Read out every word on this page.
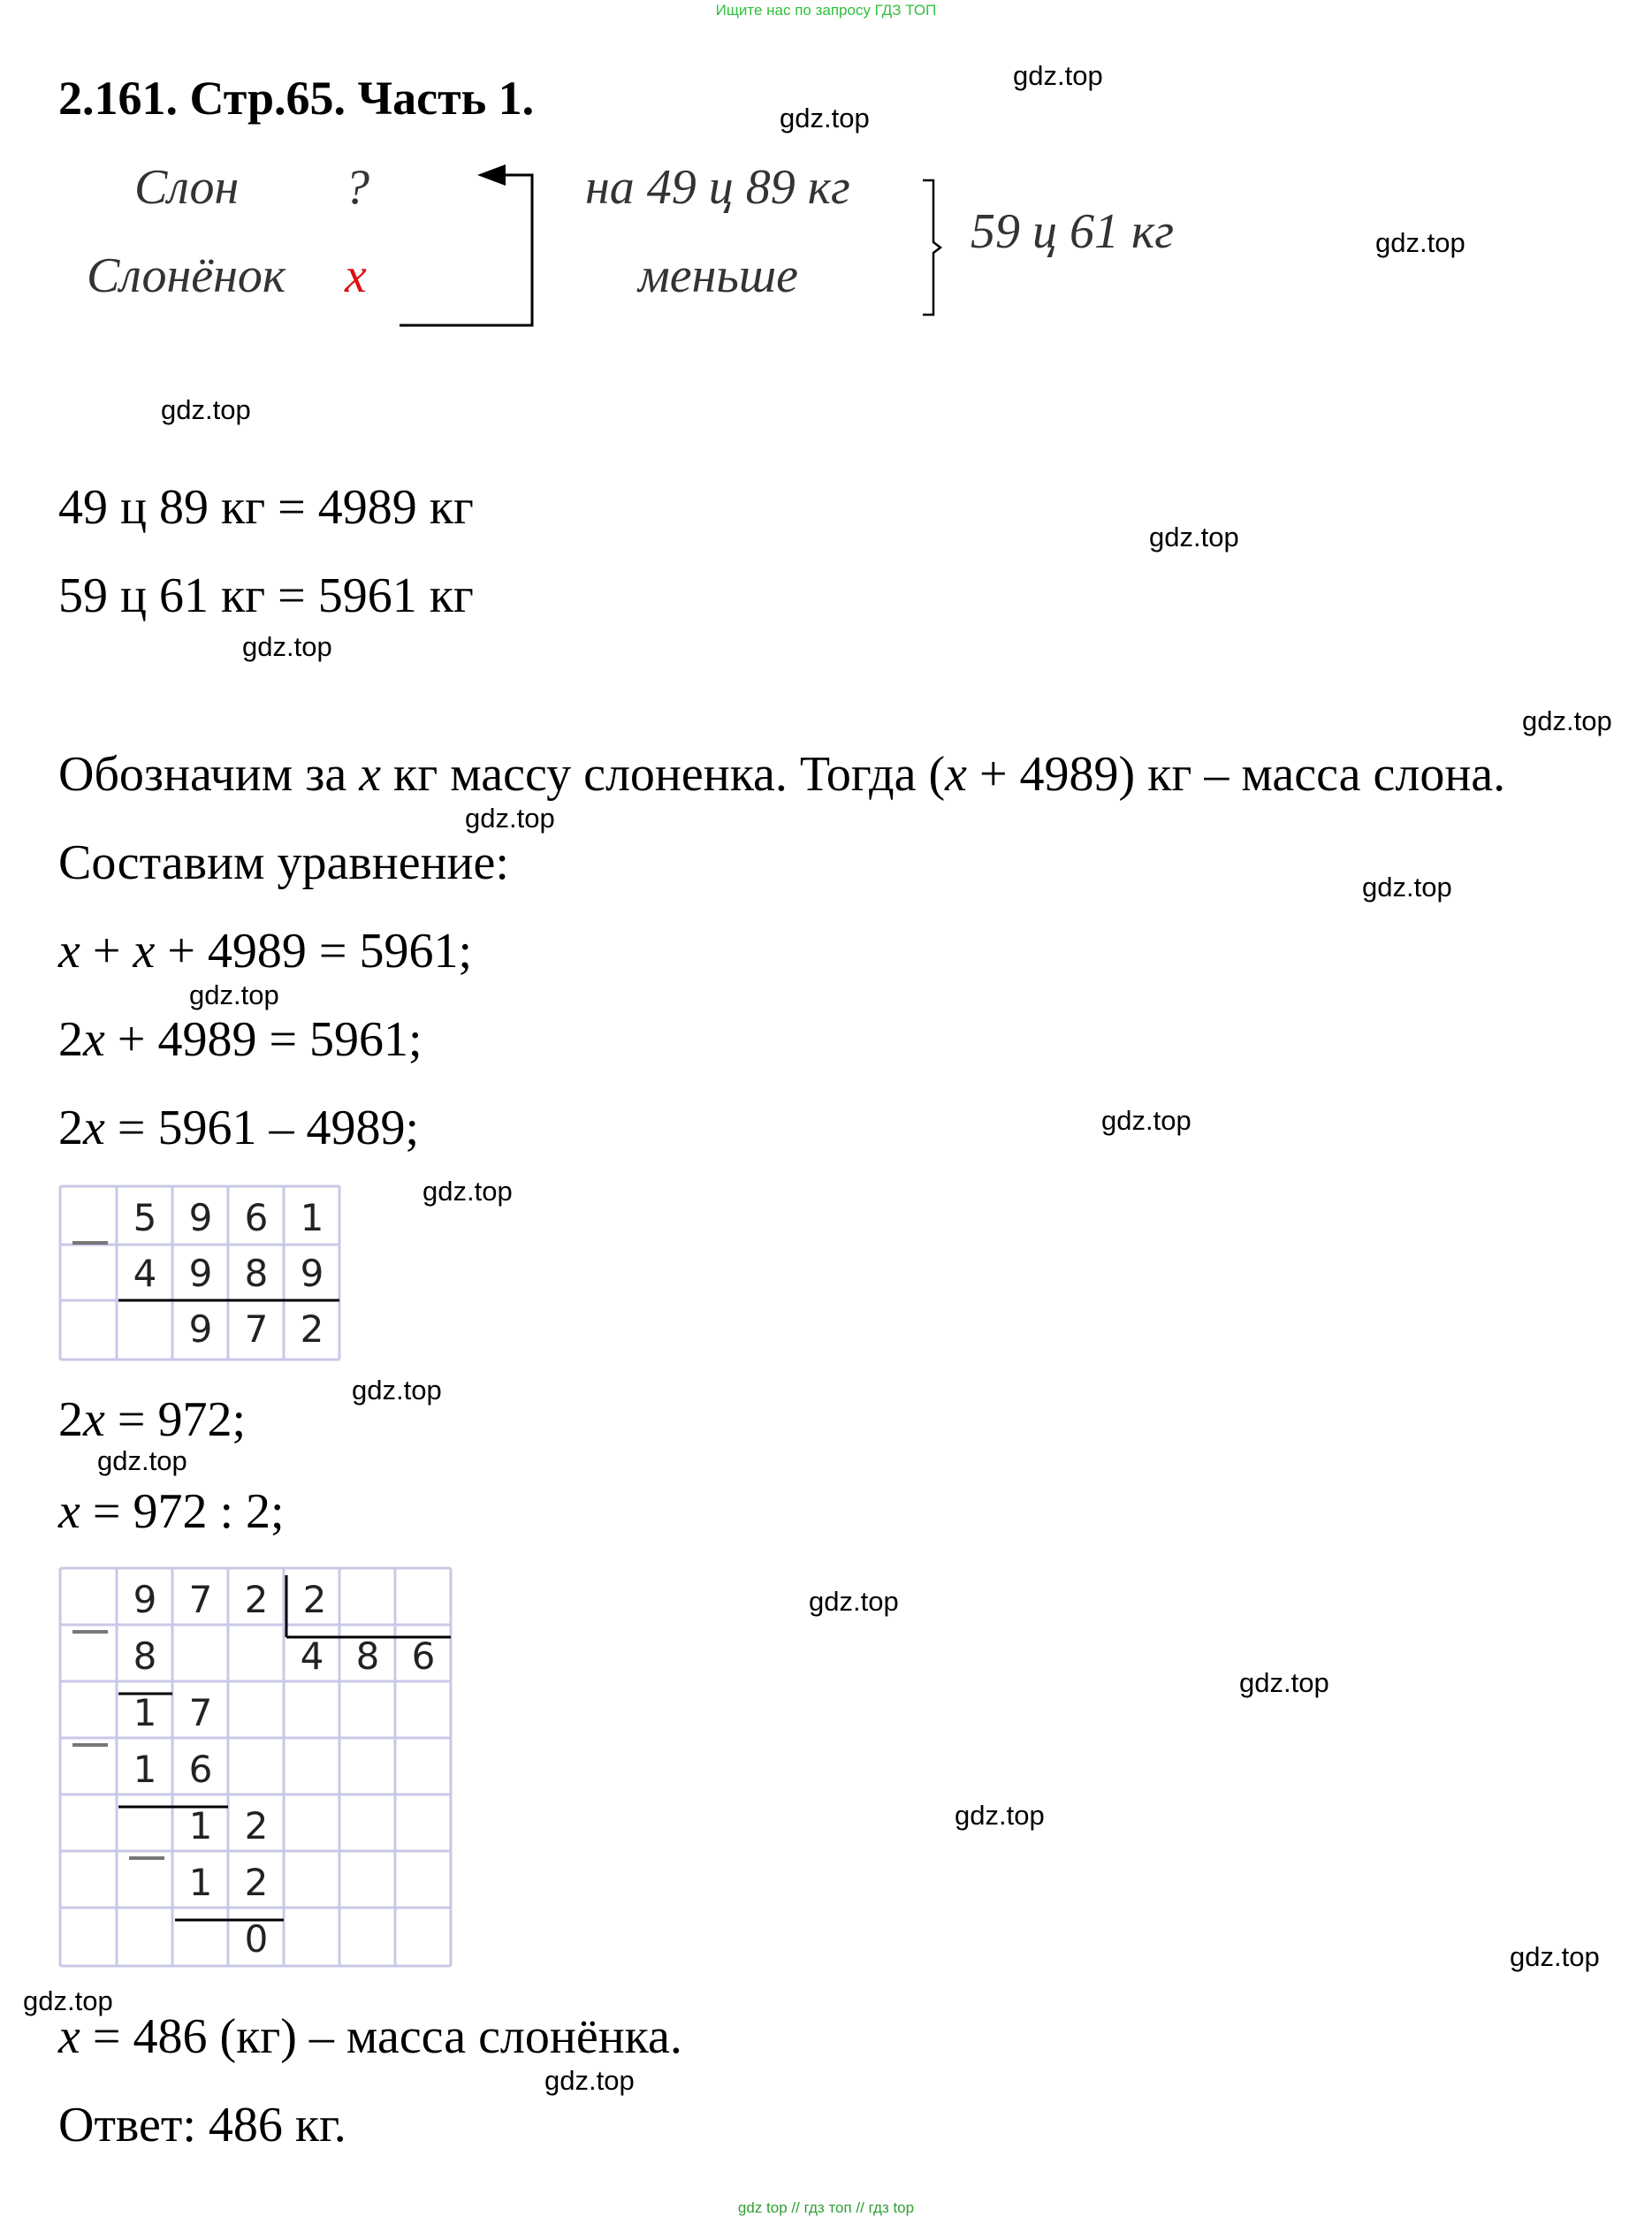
Ищите нас по запросу ГДЗ ТОП
gdz top // гдз топ // гдз top
gdz.top
gdz.top
gdz.top
gdz.top
gdz.top
gdz.top
gdz.top
gdz.top
gdz.top
gdz.top
gdz.top
gdz.top
gdz.top
gdz.top
gdz.top
gdz.top
gdz.top
gdz.top
gdz.top
gdz.top
2.161. Стр.65. Часть 1.
Слон ?
Слонёнок x
на 49 ц 89 кг
меньше
59 ц 61 кг
49 ц 89 кг = 4989 кг
59 ц 61 кг = 5961 кг
Обозначим за x кг массу слоненка. Тогда (x + 4989) кг – масса слона.
Составим уравнение:
x + x + 4989 = 5961;
2x + 4989 = 5961;
2x = 5961 – 4989;
5 9 6 1
4 9 8 9
9 7 2
2x = 972;
x = 972 : 2;
9 7 2 2
8	4 8 6
1 7
1 6
1 2
1 2
0
x = 486 (кг) – масса слонёнка.
Ответ: 486 кг.
